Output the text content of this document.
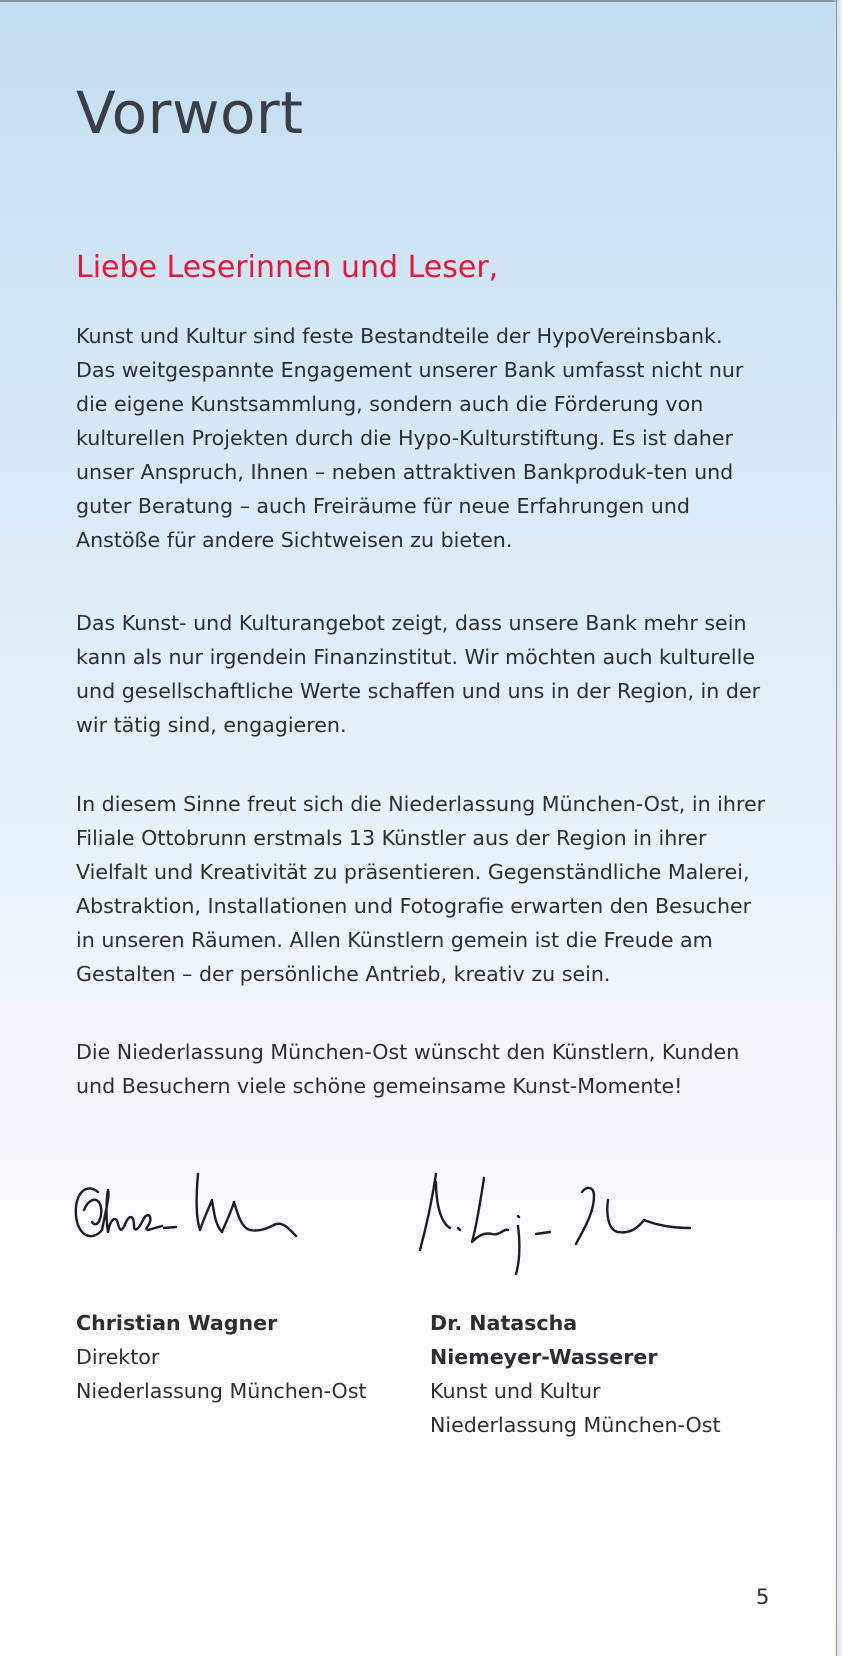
Vorwort
Liebe Leserinnen und Leser,

Kunst und Kultur sind feste Bestandteile der HypoVereinsbank. Das weitgespannte Engagement unserer Bank umfasst nicht nur die eigene Kunstsammlung, sondern auch die Förderung von kulturellen Projekten durch die Hypo-Kulturstiftung. Es ist daher unser Anspruch, Ihnen – neben attraktiven Bankproduk-ten und guter Beratung – auch Freiräume für neue Erfahrungen und Anstöße für andere Sichtweisen zu bieten.

Das Kunst- und Kulturangebot zeigt, dass unsere Bank mehr sein kann als nur irgendein Finanzinstitut. Wir möchten auch kulturelle und gesellschaftliche Werte schaffen und uns in der Region, in der wir tätig sind, engagieren.

In diesem Sinne freut sich die Niederlassung München-Ost, in ihrer Filiale Ottobrunn erstmals 13 Künstler aus der Region in ihrer Vielfalt und Kreativität zu präsentieren. Gegenständliche Malerei, Abstraktion, Installationen und Fotografie erwarten den Besucher in unseren Räumen. Allen Künstlern gemein ist die Freude am Gestalten – der persönliche Antrieb, kreativ zu sein.

Die Niederlassung München-Ost wünscht den Künstlern, Kunden und Besuchern viele schöne gemeinsame Kunst-Momente!

Christian Wagner
Direktor
Niederlassung München-Ost
Dr. Natascha
Niemeyer-Wasserer
Kunst und Kultur
Niederlassung München-Ost
5
